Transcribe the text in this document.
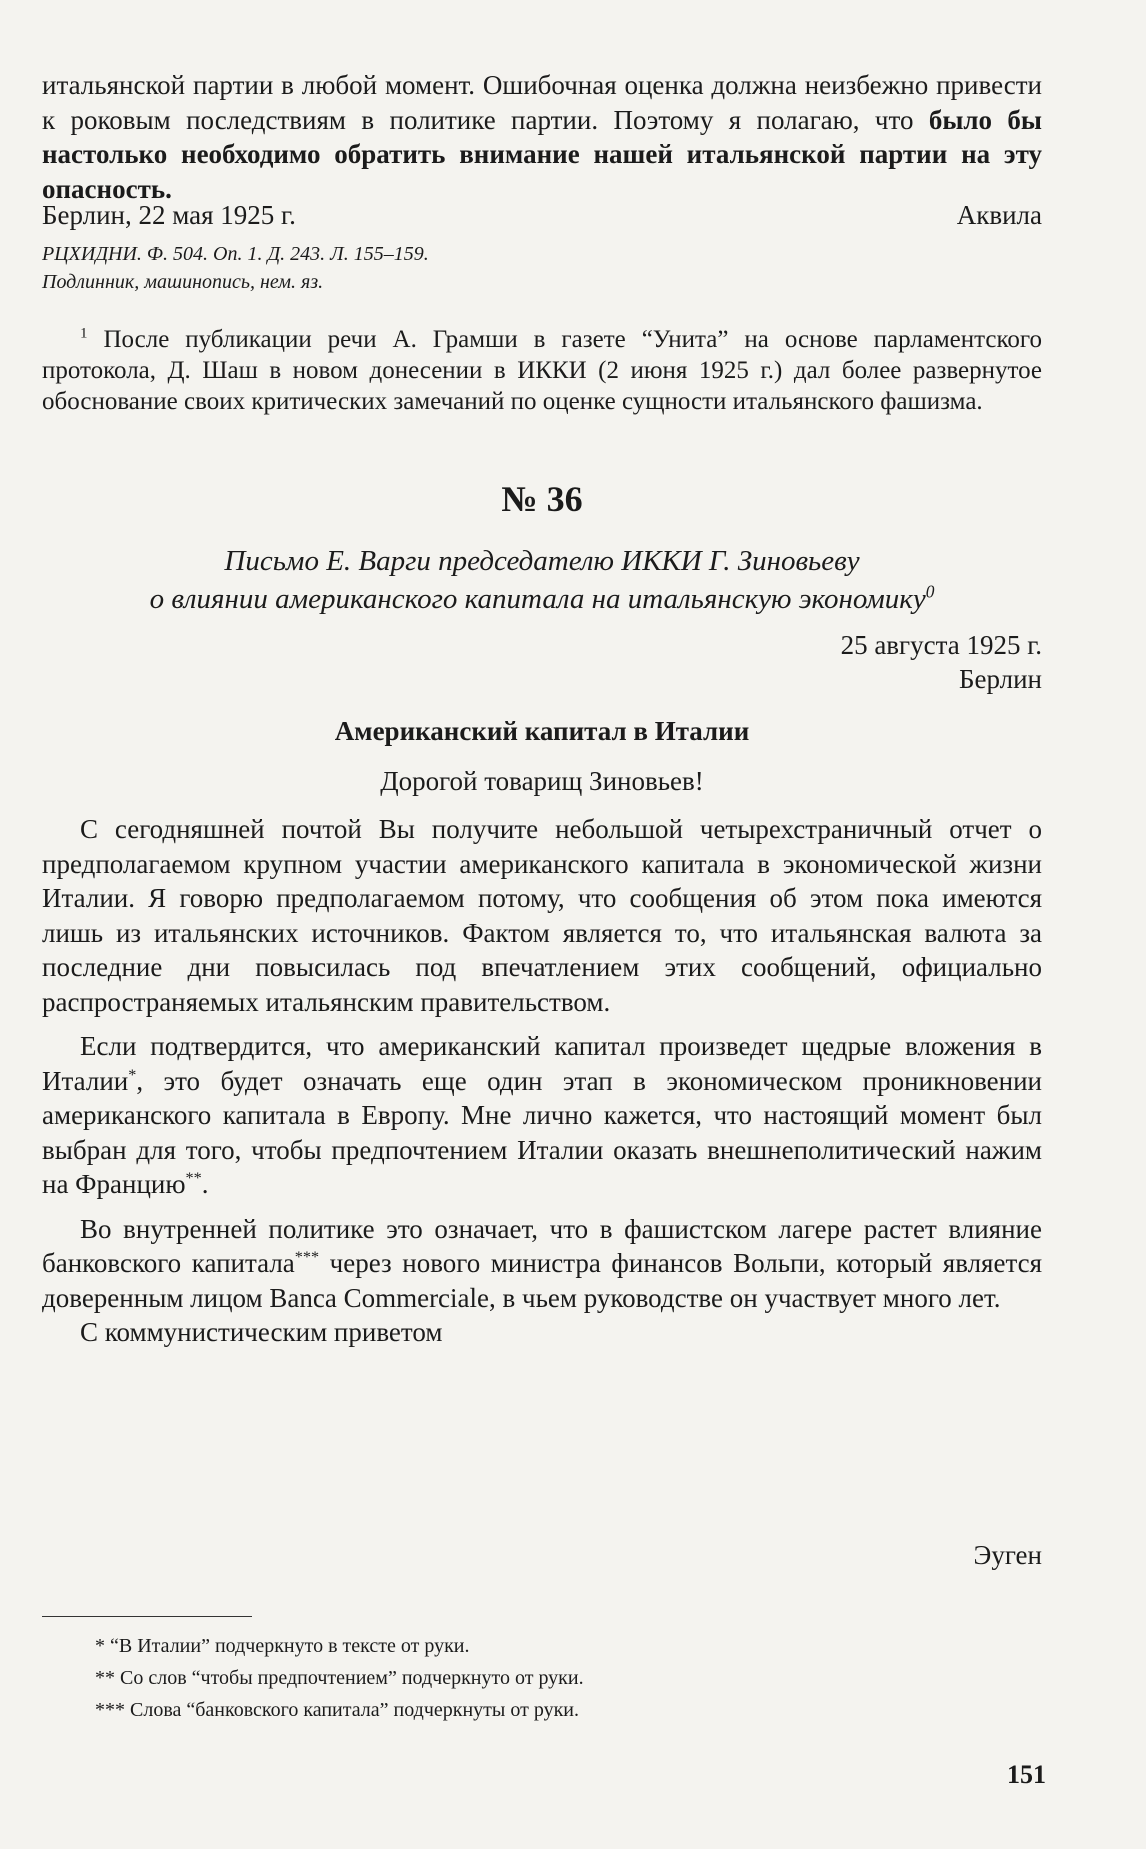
итальянской партии в любой момент. Ошибочная оценка должна неизбежно привести к роковым последствиям в политике партии. Поэтому я полагаю, что было бы настолько необходимо обратить внимание нашей итальянской партии на эту опасность.

Берлин, 22 мая 1925 г.	Аквила
РЦХИДНИ. Ф. 504. Оп. 1. Д. 243. Л. 155–159.
Подлинник, машинопись, нем. яз.

$^1$ После публикации речи А. Грамши в газете “Унита” на основе парламентского протокола, Д. Шаш в новом донесении в ИККИ (2 июня 1925 г.) дал более развернутое обоснование своих критических замечаний по оценке сущности итальянского фашизма.

№ 36
Письмо Е. Варги председателю ИККИ Г. Зиновьеву
о влиянии американского капитала на итальянскую экономику$^0$
25 августа 1925 г.
Берлин
Американский капитал в Италии
Дорогой товарищ Зиновьев!

С сегодняшней почтой Вы получите небольшой четырехстраничный отчет о предполагаемом крупном участии американского капитала в экономической жизни Италии. Я говорю предполагаемом потому, что сообщения об этом пока имеются лишь из итальянских источников. Фактом является то, что итальянская валюта за последние дни повысилась под впечатлением этих сообщений, официально распространяемых итальянским правительством.

Если подтвердится, что американский капитал произведет щедрые вложения в Италии*, это будет означать еще один этап в экономическом проникновении американского капитала в Европу. Мне лично кажется, что настоящий момент был выбран для того, чтобы предпочтением Италии оказать внешнеполитический нажим на Францию**.

Во внутренней политике это означает, что в фашистском лагере растет влияние банковского капитала*** через нового министра финансов Вольпи, который является доверенным лицом Banca Commerciale, в чьем руководстве он участвует много лет.

С коммунистическим приветом

Эуген
* “В Италии” подчеркнуто в тексте от руки.
** Со слов “чтобы предпочтением” подчеркнуто от руки.
*** Слова “банковского капитала” подчеркнуты от руки.
151
